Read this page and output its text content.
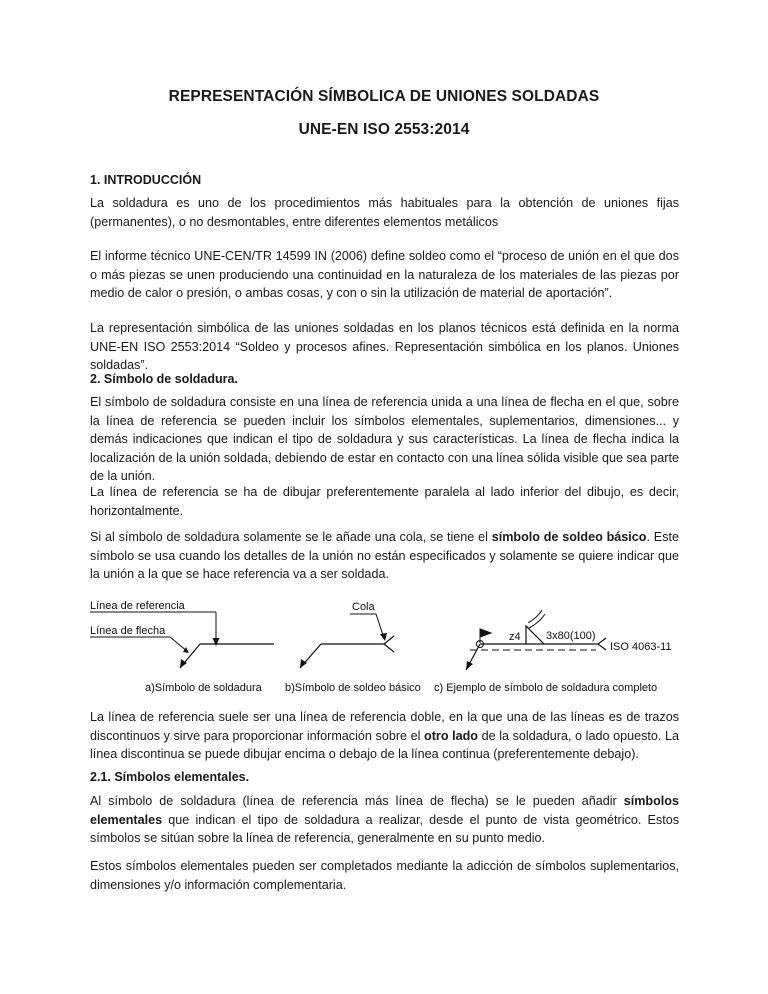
REPRESENTACIÓN SÍMBOLICA DE UNIONES SOLDADAS
UNE-EN ISO 2553:2014
1. INTRODUCCIÓN
La soldadura es uno de los procedimientos más habituales para la obtención de uniones fijas (permanentes), o no desmontables, entre diferentes elementos metálicos
El informe técnico UNE-CEN/TR 14599 IN (2006) define soldeo como el “proceso de unión en el que dos o más piezas se unen produciendo una continuidad en la naturaleza de los materiales de las piezas por medio de calor o presión, o ambas cosas, y con o sin la utilización de material de aportación”.
La representación simbólica de las uniones soldadas en los planos técnicos está definida en la norma UNE-EN ISO 2553:2014 “Soldeo y procesos afines. Representación simbólica en los planos. Uniones soldadas”.
2. Símbolo de soldadura.
El símbolo de soldadura consiste en una línea de referencia unida a una línea de flecha en el que, sobre la línea de referencia se pueden incluir los símbolos elementales, suplementarios, dimensiones... y demás indicaciones que indican el tipo de soldadura y sus características. La línea de flecha indica la localización de la unión soldada, debiendo de estar en contacto con una línea sólida visible que sea parte de la unión.
La línea de referencia se ha de dibujar preferentemente paralela al lado inferior del dibujo, es decir, horizontalmente.
Si al símbolo de soldadura solamente se le añade una cola, se tiene el símbolo de soldeo básico. Este símbolo se usa cuando los detalles de la unión no están especificados y solamente se quiere indicar que la unión a la que se hace referencia va a ser soldada.
Línea de referencia
Línea de flecha
a)Símbolo de soldadura
Cola
b)Símbolo de soldeo básico
z4 3x80(100)
ISO 4063-11
c) Ejemplo de símbolo de soldadura completo
La línea de referencia suele ser una línea de referencia doble, en la que una de las líneas es de trazos discontinuos y sirve para proporcionar información sobre el otro lado de la soldadura, o lado opuesto. La línea discontinua se puede dibujar encima o debajo de la línea continua (preferentemente debajo).
2.1. Símbolos elementales.
Al símbolo de soldadura (línea de referencia más línea de flecha) se le pueden añadir símbolos elementales que indican el tipo de soldadura a realizar, desde el punto de vista geométrico. Estos símbolos se sitúan sobre la línea de referencia, generalmente en su punto medio.
Estos símbolos elementales pueden ser completados mediante la adicción de símbolos suplementarios, dimensiones y/o información complementaria.
